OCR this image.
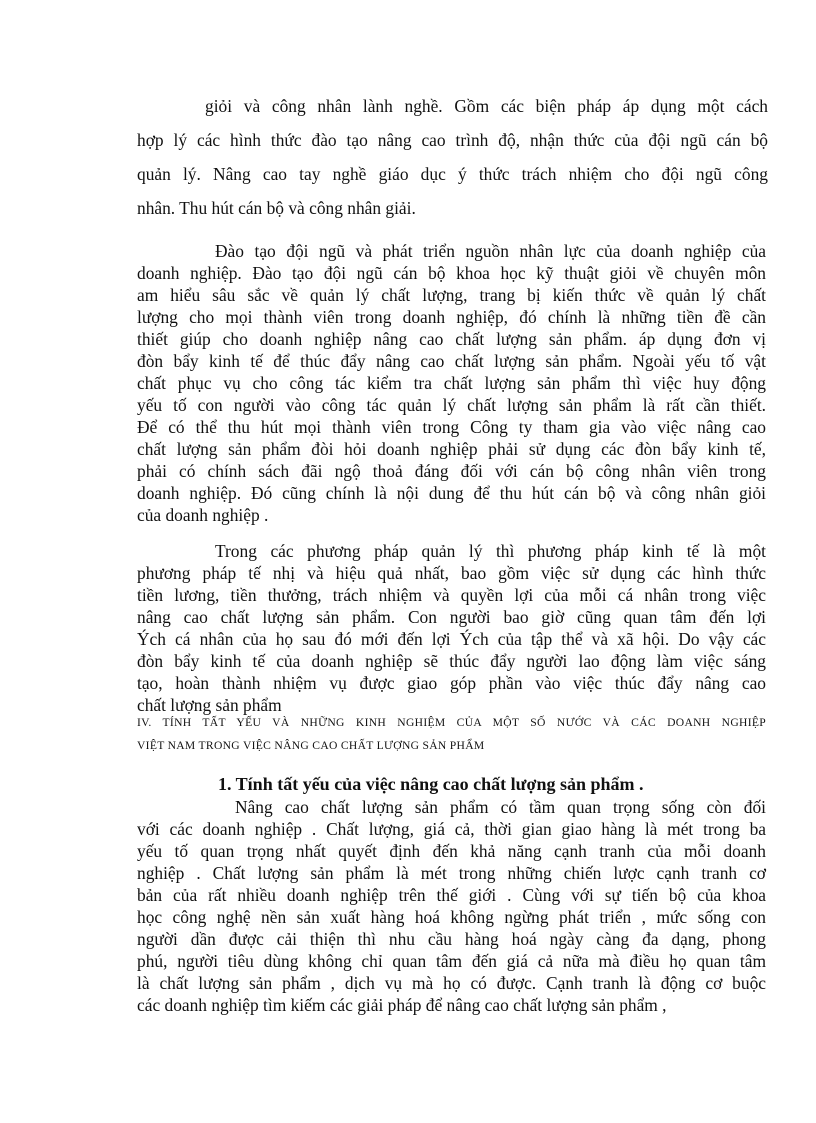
giỏi và công nhân lành nghề. Gồm các biện pháp áp dụng một cách
hợp lý các hình thức đào tạo nâng cao trình độ, nhận thức của đội ngũ cán bộ
quản lý. Nâng cao tay nghề giáo dục ý thức trách nhiệm cho đội ngũ công
nhân. Thu hút cán bộ và công nhân giải.
Đào tạo đội ngũ và phát triển nguồn nhân lực của doanh nghiệp của
doanh nghiệp. Đào tạo đội ngũ cán bộ khoa học kỹ thuật giỏi về chuyên môn
am hiểu sâu sắc về quản lý chất lượng, trang bị kiến thức về quản lý chất
lượng cho mọi thành viên trong doanh nghiệp, đó chính là những tiền đề cần
thiết giúp cho doanh nghiệp nâng cao chất lượng sản phẩm. áp dụng đơn vị
đòn bẩy kinh tế để thúc đẩy nâng cao chất lượng sản phẩm. Ngoài yếu tố vật
chất phục vụ cho công tác kiểm tra chất lượng sản phẩm thì việc huy động
yếu tố con người vào công tác quản lý chất lượng sản phẩm là rất cần thiết.
Để có thể thu hút mọi thành viên trong Công ty tham gia vào việc nâng cao
chất lượng sản phẩm đòi hỏi doanh nghiệp phải sử dụng các đòn bẩy kinh tế,
phải có chính sách đãi ngộ thoả đáng đối với cán bộ công nhân viên trong
doanh nghiệp. Đó cũng chính là nội dung để thu hút cán bộ và công nhân giỏi
của doanh nghiệp .
Trong các phương pháp quản lý thì phương pháp kinh tế là một
phương pháp tế nhị và hiệu quả nhất, bao gồm việc sử dụng các hình thức
tiền lương, tiền thưởng, trách nhiệm và quyền lợi của mỗi cá nhân trong việc
nâng cao chất lượng sản phẩm. Con người bao giờ cũng quan tâm đến lợi
Ých cá nhân của họ sau đó mới đến lợi Ých của tập thể và xã hội. Do vậy các
đòn bẩy kinh tế của doanh nghiệp sẽ thúc đẩy người lao động làm việc sáng
tạo, hoàn thành nhiệm vụ được giao góp phần vào việc thúc đẩy nâng cao
chất lượng sản phẩm
IV. TÍNH TẤT YẾU VÀ NHỮNG KINH NGHIỆM CỦA MỘT SỐ NƯỚC VÀ CÁC DOANH NGHIỆP
VIỆT NAM TRONG VIỆC NÂNG CAO CHẤT LƯỢNG SẢN PHẨM
1. Tính tất yếu của việc nâng cao chất lượng sản phẩm .
Nâng cao chất lượng sản phẩm có tầm quan trọng sống còn đối
với các doanh nghiệp . Chất lượng, giá cả, thời gian giao hàng là mét trong ba
yếu tố quan trọng nhất quyết định đến khả năng cạnh tranh của mỗi doanh
nghiệp . Chất lượng sản phẩm là mét trong những chiến lược cạnh tranh cơ
bản của rất nhiều doanh nghiệp trên thế giới . Cùng với sự tiến bộ của khoa
học công nghệ nền sản xuất hàng hoá không ngừng phát triển , mức sống con
người dần được cải thiện thì nhu cầu hàng hoá ngày càng đa dạng, phong
phú, người tiêu dùng không chỉ quan tâm đến giá cả nữa mà điều họ quan tâm
là chất lượng sản phẩm , dịch vụ mà họ có được. Cạnh tranh là động cơ buộc
các doanh nghiệp tìm kiếm các giải pháp để nâng cao chất lượng sản phẩm ,
